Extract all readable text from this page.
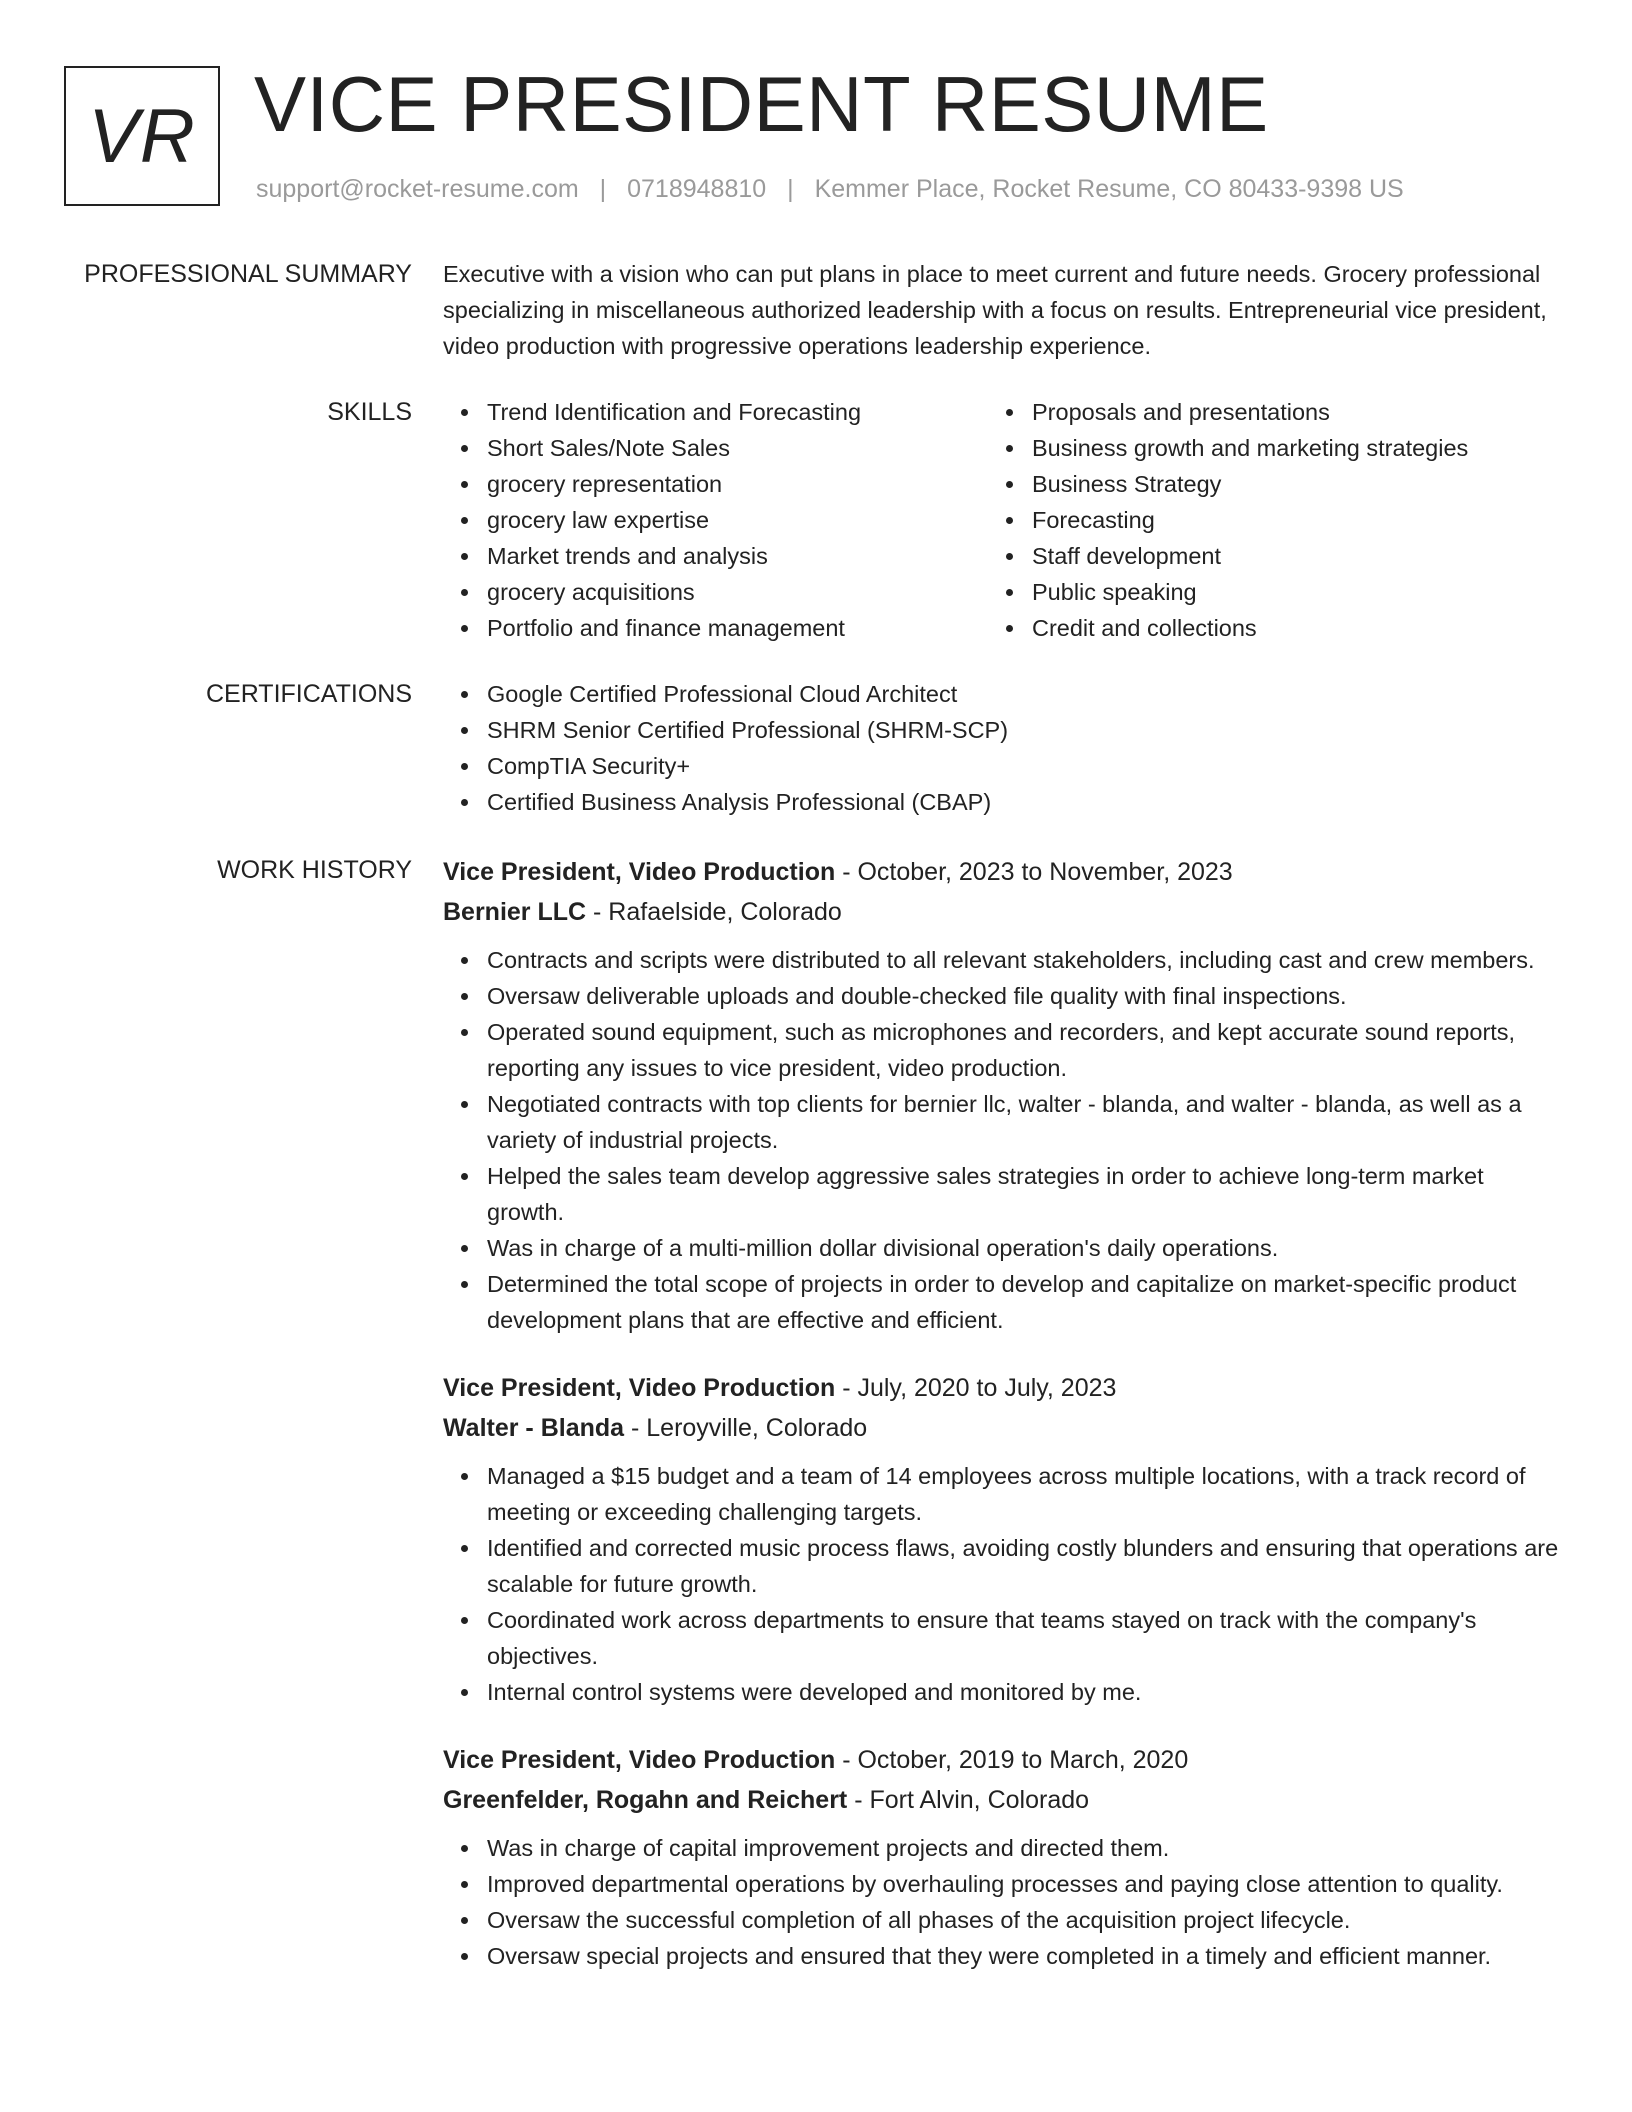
VR VICE PRESIDENT RESUME
support@rocket-resume.com | 0718948810 | Kemmer Place, Rocket Resume, CO 80433-9398 US
PROFESSIONAL SUMMARY Executive with a vision who can put plans in place to meet current and future needs. Grocery professional specializing in miscellaneous authorized leadership with a focus on results. Entrepreneurial vice president, video production with progressive operations leadership experience.

SKILLS	Trend Identification and Forecasting
Short Sales/Note Sales
grocery representation
grocery law expertise
Market trends and analysis
grocery acquisitions
Portfolio and finance management
Proposals and presentations
Business growth and marketing strategies
Business Strategy
Forecasting
Staff development
Public speaking
Credit and collections
CERTIFICATIONS	Google Certified Professional Cloud Architect
SHRM Senior Certified Professional (SHRM-SCP)
CompTIA Security+
Certified Business Analysis Professional (CBAP)
WORK HISTORY Vice President, Video Production - October, 2023 to November, 2023
Bernier LLC - Rafaelside, Colorado
Contracts and scripts were distributed to all relevant stakeholders, including cast and crew members.
Oversaw deliverable uploads and double-checked file quality with final inspections.
Operated sound equipment, such as microphones and recorders, and kept accurate sound reports, reporting any issues to vice president, video production.
Negotiated contracts with top clients for bernier llc, walter - blanda, and walter - blanda, as well as a variety of industrial projects.
Helped the sales team develop aggressive sales strategies in order to achieve long-term market growth.
Was in charge of a multi-million dollar divisional operation's daily operations.
Determined the total scope of projects in order to develop and capitalize on market-specific product development plans that are effective and efficient.
Vice President, Video Production - July, 2020 to July, 2023
Walter - Blanda - Leroyville, Colorado
Managed a $15 budget and a team of 14 employees across multiple locations, with a track record of meeting or exceeding challenging targets.
Identified and corrected music process flaws, avoiding costly blunders and ensuring that operations are scalable for future growth.
Coordinated work across departments to ensure that teams stayed on track with the company's objectives.
Internal control systems were developed and monitored by me.
Vice President, Video Production - October, 2019 to March, 2020
Greenfelder, Rogahn and Reichert - Fort Alvin, Colorado
Was in charge of capital improvement projects and directed them.
Improved departmental operations by overhauling processes and paying close attention to quality.
Oversaw the successful completion of all phases of the acquisition project lifecycle.
Oversaw special projects and ensured that they were completed in a timely and efficient manner.
